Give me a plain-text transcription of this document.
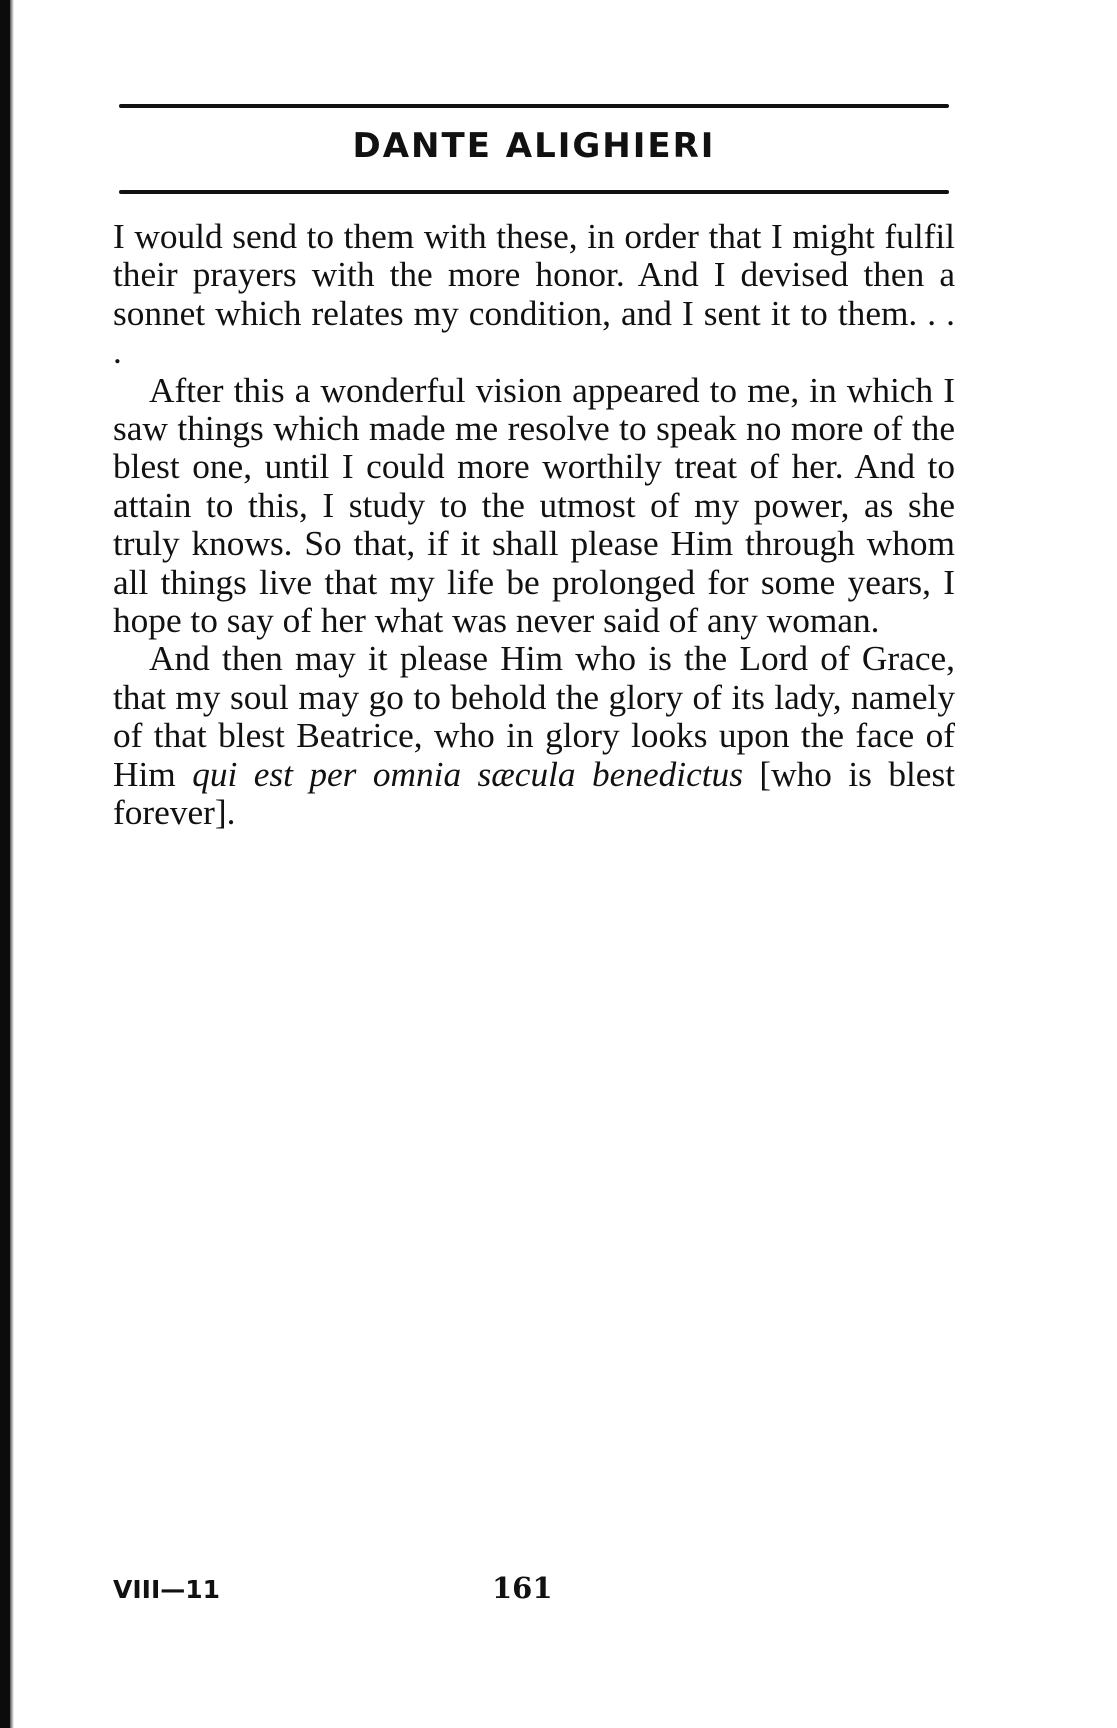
DANTE ALIGHIERI

I would send to them with these, in order that I might fulfil their prayers with the more honor. And I devised then a sonnet which relates my condition, and I sent it to them. . . .

After this a wonderful vision appeared to me, in which I saw things which made me resolve to speak no more of the blest one, until I could more worthily treat of her. And to attain to this, I study to the utmost of my power, as she truly knows. So that, if it shall please Him through whom all things live that my life be prolonged for some years, I hope to say of her what was never said of any woman.

And then may it please Him who is the Lord of Grace, that my soul may go to behold the glory of its lady, namely of that blest Beatrice, who in glory looks upon the face of Him qui est per omnia sæcula benedictus [who is blest forever].

VIII—11	161
